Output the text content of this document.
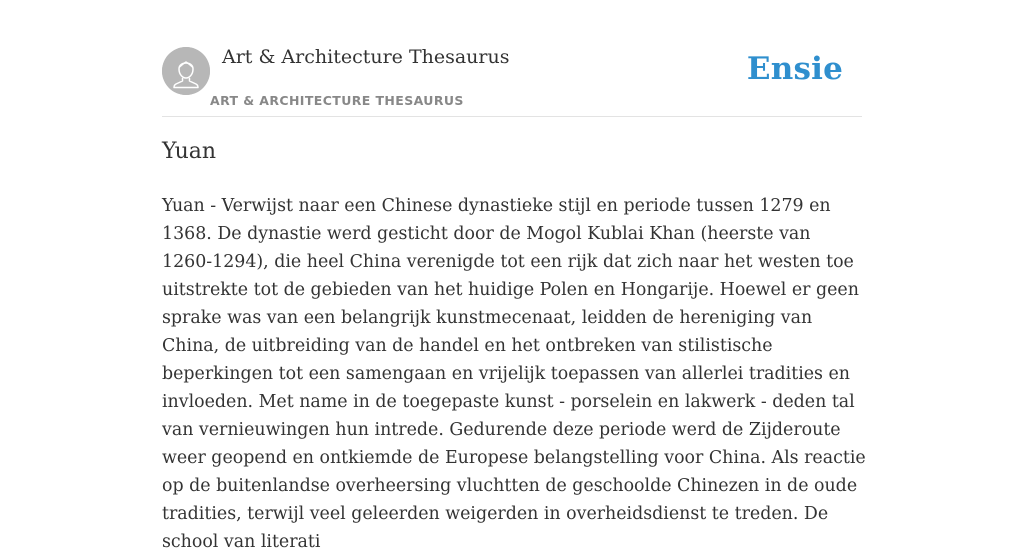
Art & Architecture Thesaurus
ART & ARCHITECTURE THESAURUS
Ensie
Yuan

Yuan - Verwijst naar een Chinese dynastieke stijl en periode tussen 1279 en 1368. De dynastie werd gesticht door de Mogol Kublai Khan (heerste van 1260-1294), die heel China verenigde tot een rijk dat zich naar het westen toe uitstrekte tot de gebieden van het huidige Polen en Hongarije. Hoewel er geen sprake was van een belangrijk kunstmecenaat, leidden de hereniging van China, de uitbreiding van de handel en het ontbreken van stilistische beperkingen tot een samengaan en vrijelijk toepassen van allerlei tradities en invloeden. Met name in de toegepaste kunst - porselein en lakwerk - deden tal van vernieuwingen hun intrede. Gedurende deze periode werd de Zijderoute weer geopend en ontkiemde de Europese belangstelling voor China. Als reactie op de buitenlandse overheersing vluchtten de geschoolde Chinezen in de oude tradities, terwijl veel geleerden weigerden in overheidsdienst te treden. De school van literati
